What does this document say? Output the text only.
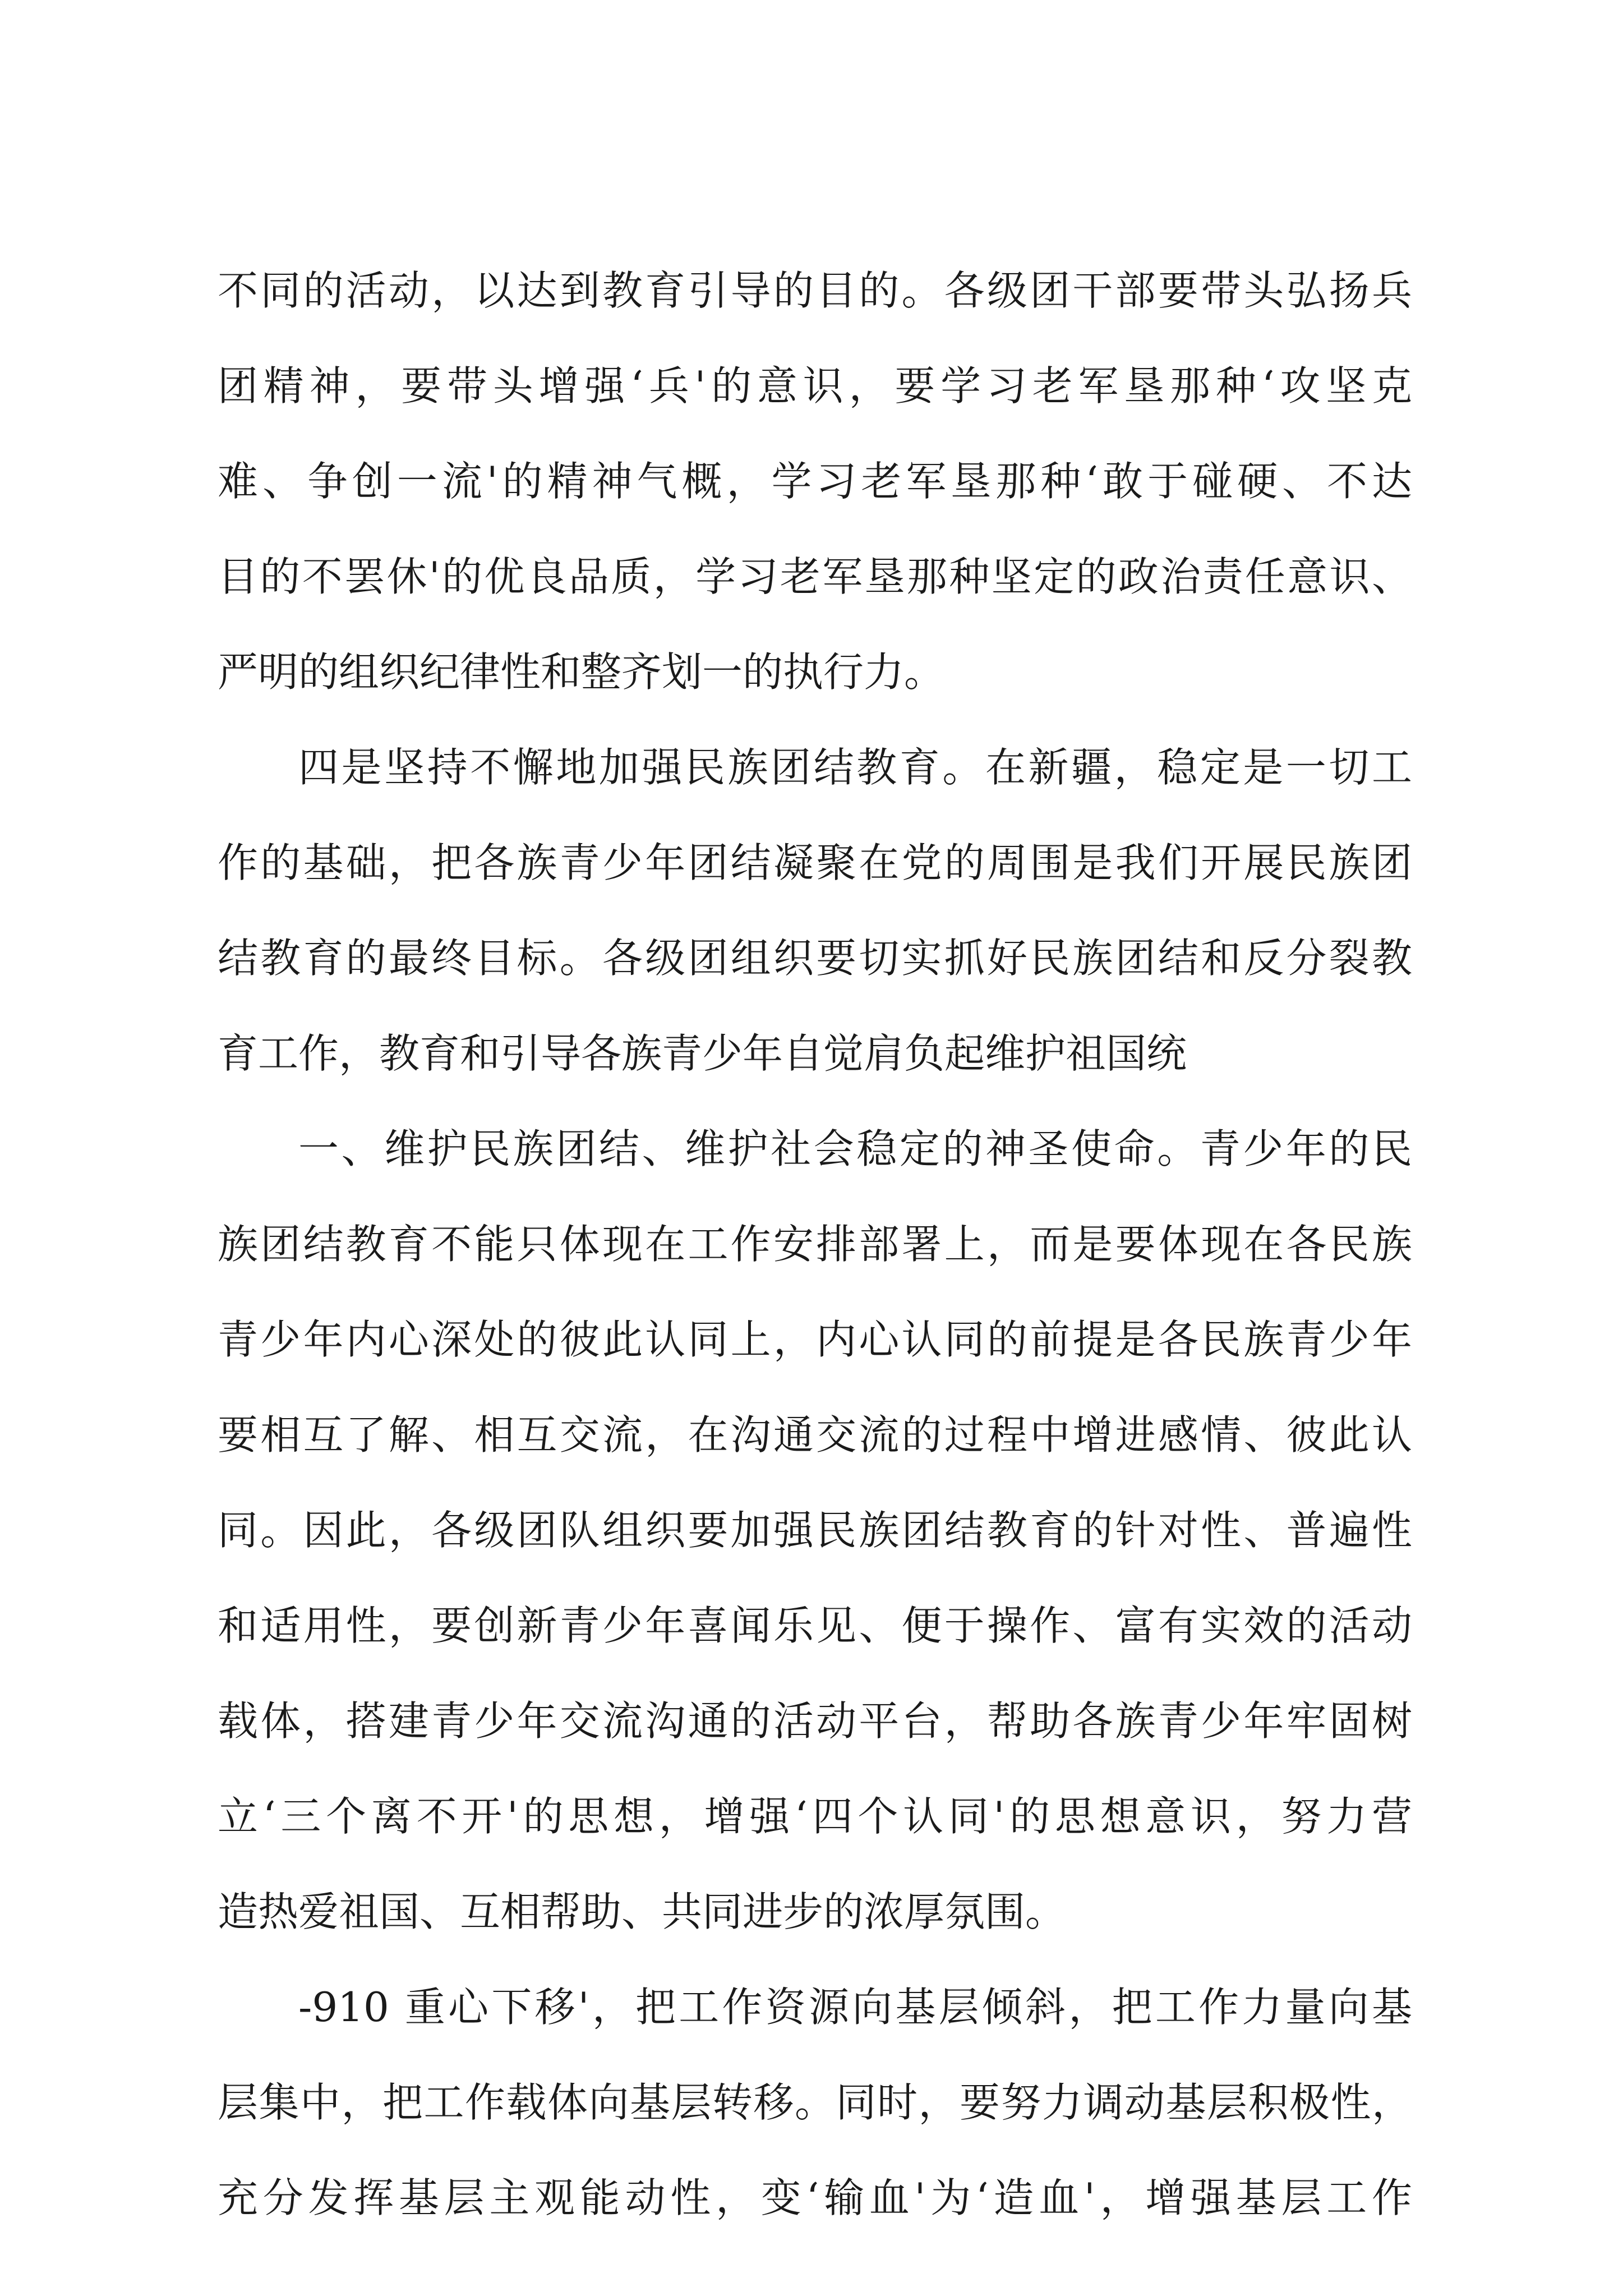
不同的活动，以达到教育引导的目的。各级团干部要带头弘扬兵
团精神，要带头增强‘兵'的意识，要学习老军垦那种‘攻坚克
难、争创一流'的精神气概，学习老军垦那种‘敢于碰硬、不达
目的不罢休'的优良品质，学习老军垦那种坚定的政治责任意识、
严明的组织纪律性和整齐划一的执行力。
四是坚持不懈地加强民族团结教育。在新疆，稳定是一切工
作的基础，把各族青少年团结凝聚在党的周围是我们开展民族团
结教育的最终目标。各级团组织要切实抓好民族团结和反分裂教
育工作，教育和引导各族青少年自觉肩负起维护祖国统
一、维护民族团结、维护社会稳定的神圣使命。青少年的民
族团结教育不能只体现在工作安排部署上，而是要体现在各民族
青少年内心深处的彼此认同上，内心认同的前提是各民族青少年
要相互了解、相互交流，在沟通交流的过程中增进感情、彼此认
同。因此，各级团队组织要加强民族团结教育的针对性、普遍性
和适用性，要创新青少年喜闻乐见、便于操作、富有实效的活动
载体，搭建青少年交流沟通的活动平台，帮助各族青少年牢固树
立‘三个离不开'的思想，增强‘四个认同'的思想意识，努力营
造热爱祖国、互相帮助、共同进步的浓厚氛围。
-910 重心下移'，把工作资源向基层倾斜，把工作力量向基
层集中，把工作载体向基层转移。同时，要努力调动基层积极性，
充分发挥基层主观能动性，变‘输血'为‘造血'，增强基层工作
